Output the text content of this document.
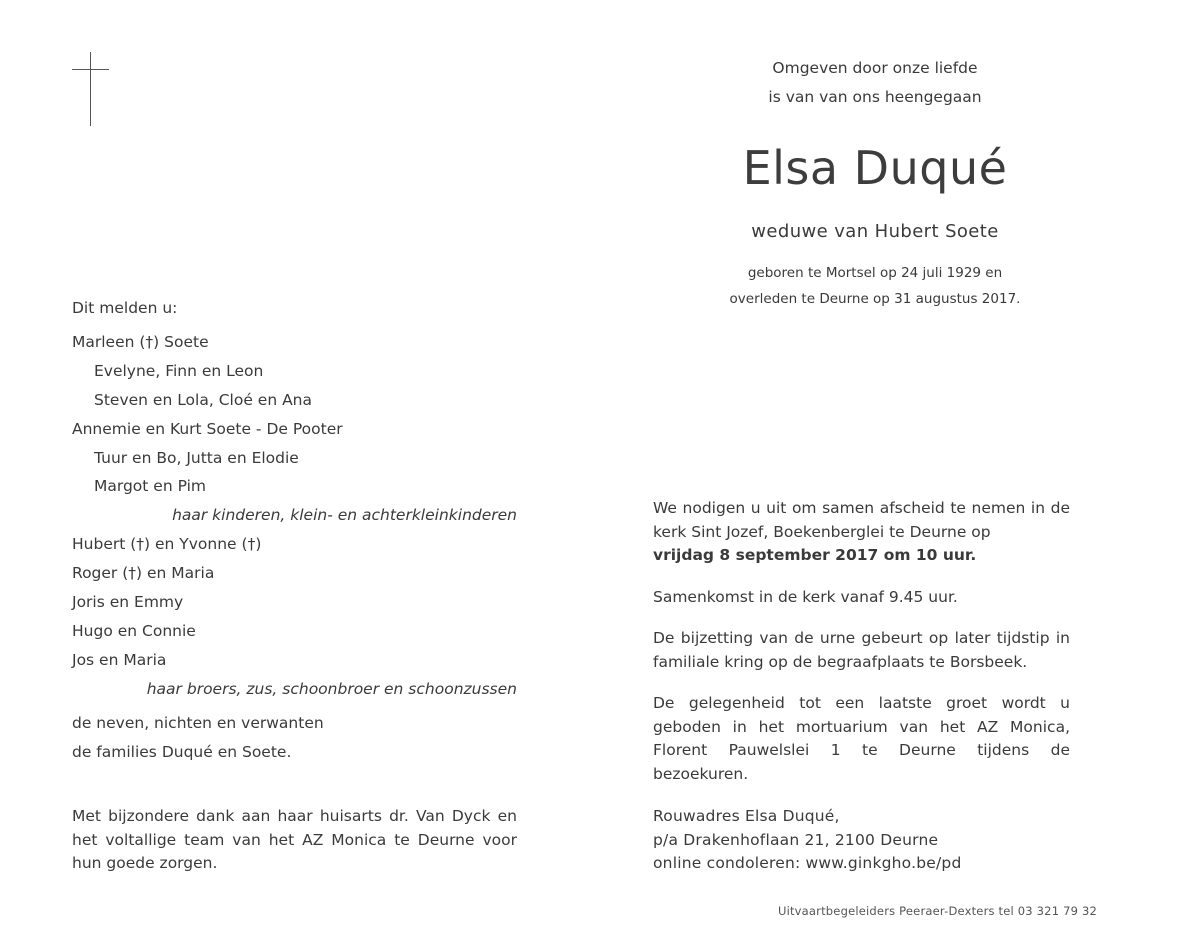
Omgeven door onze liefde
is van van ons heengegaan
Elsa Duqué
weduwe van Hubert Soete
geboren te Mortsel op 24 juli 1929 en
overleden te Deurne op 31 augustus 2017.
Dit melden u:
Marleen (†) Soete
Evelyne, Finn en Leon
Steven en Lola, Cloé en Ana
Annemie en Kurt Soete - De Pooter
Tuur en Bo, Jutta en Elodie
Margot en Pim
haar kinderen, klein- en achterkleinkinderen
Hubert (†) en Yvonne (†)
Roger (†) en Maria
Joris en Emmy
Hugo en Connie
Jos en Maria
haar broers, zus, schoonbroer en schoonzussen
de neven, nichten en verwanten
de families Duqué en Soete.

Met bijzondere dank aan haar huisarts dr. Van Dyck en het voltallige team van het AZ Monica te Deurne voor hun goede zorgen.

We nodigen u uit om samen afscheid te nemen in de kerk Sint Jozef, Boekenberglei te Deurne op
vrijdag 8 september 2017 om 10 uur.

Samenkomst in de kerk vanaf 9.45 uur.

De bijzetting van de urne gebeurt op later tijdstip in familiale kring op de begraafplaats te Borsbeek.

De gelegenheid tot een laatste groet wordt u geboden in het mortuarium van het AZ Monica, Florent Pauwelslei 1 te Deurne tijdens de bezoekuren.

Rouwadres Elsa Duqué,
p/a Drakenhoflaan 21, 2100 Deurne
online condoleren: www.ginkgho.be/pd
Uitvaartbegeleiders Peeraer-Dexters tel 03 321 79 32
